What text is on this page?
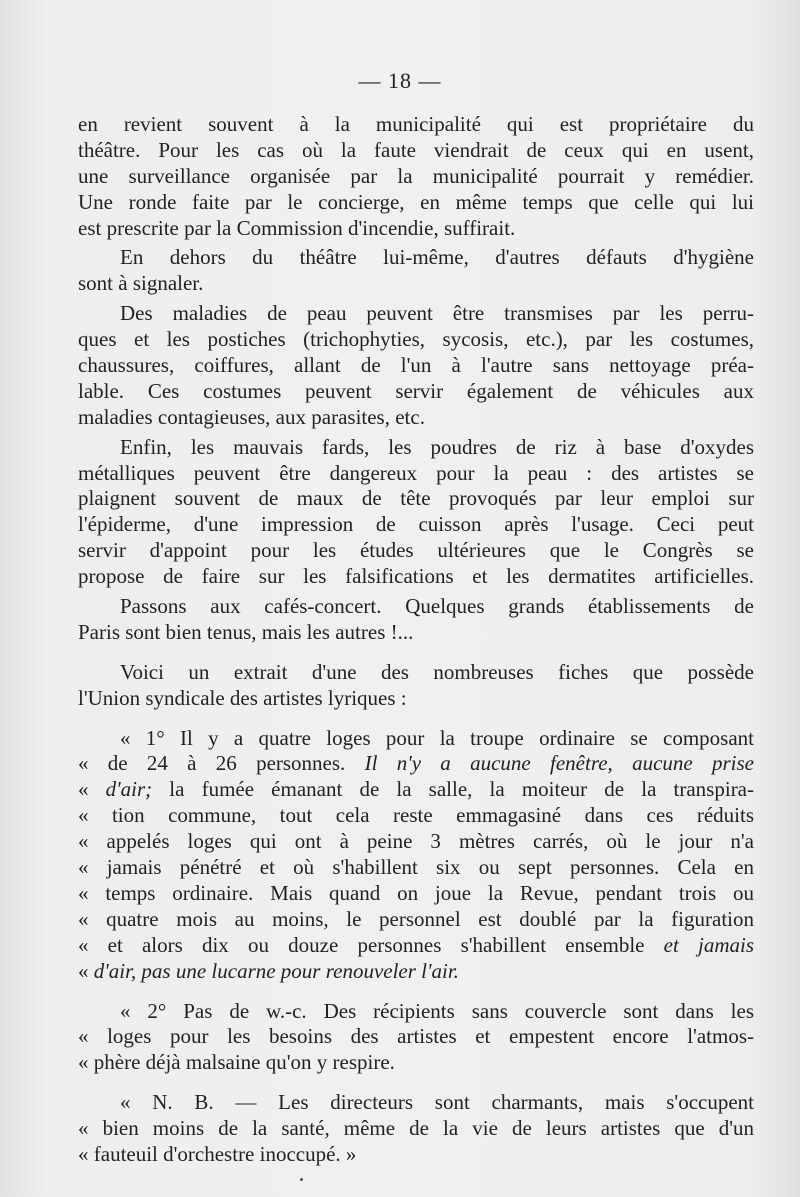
— 18 —
en revient souvent à la municipalité qui est propriétaire du
théâtre. Pour les cas où la faute viendrait de ceux qui en usent,
une surveillance organisée par la municipalité pourrait y remédier.
Une ronde faite par le concierge, en même temps que celle qui lui
est prescrite par la Commission d'incendie, suffirait.
En dehors du théâtre lui-même, d'autres défauts d'hygiène
sont à signaler.
Des maladies de peau peuvent être transmises par les perru-
ques et les postiches (trichophyties, sycosis, etc.), par les costumes,
chaussures, coiffures, allant de l'un à l'autre sans nettoyage préa-
lable. Ces costumes peuvent servir également de véhicules aux
maladies contagieuses, aux parasites, etc.
Enfin, les mauvais fards, les poudres de riz à base d'oxydes
métalliques peuvent être dangereux pour la peau : des artistes se
plaignent souvent de maux de tête provoqués par leur emploi sur
l'épiderme, d'une impression de cuisson après l'usage. Ceci peut
servir d'appoint pour les études ultérieures que le Congrès se
propose de faire sur les falsifications et les dermatites artificielles.
Passons aux cafés-concert. Quelques grands établissements de
Paris sont bien tenus, mais les autres !...
Voici un extrait d'une des nombreuses fiches que possède
l'Union syndicale des artistes lyriques :
« 1° Il y a quatre loges pour la troupe ordinaire se composant
« de 24 à 26 personnes. Il n'y a aucune fenêtre, aucune prise
« d'air; la fumée émanant de la salle, la moiteur de la transpira-
« tion commune, tout cela reste emmagasiné dans ces réduits
« appelés loges qui ont à peine 3 mètres carrés, où le jour n'a
« jamais pénétré et où s'habillent six ou sept personnes. Cela en
« temps ordinaire. Mais quand on joue la Revue, pendant trois ou
« quatre mois au moins, le personnel est doublé par la figuration
« et alors dix ou douze personnes s'habillent ensemble et jamais
« d'air, pas une lucarne pour renouveler l'air.
« 2° Pas de w.-c. Des récipients sans couvercle sont dans les
« loges pour les besoins des artistes et empestent encore l'atmos-
« phère déjà malsaine qu'on y respire.
« N. B. — Les directeurs sont charmants, mais s'occupent
« bien moins de la santé, même de la vie de leurs artistes que d'un
« fauteuil d'orchestre inoccupé. »
